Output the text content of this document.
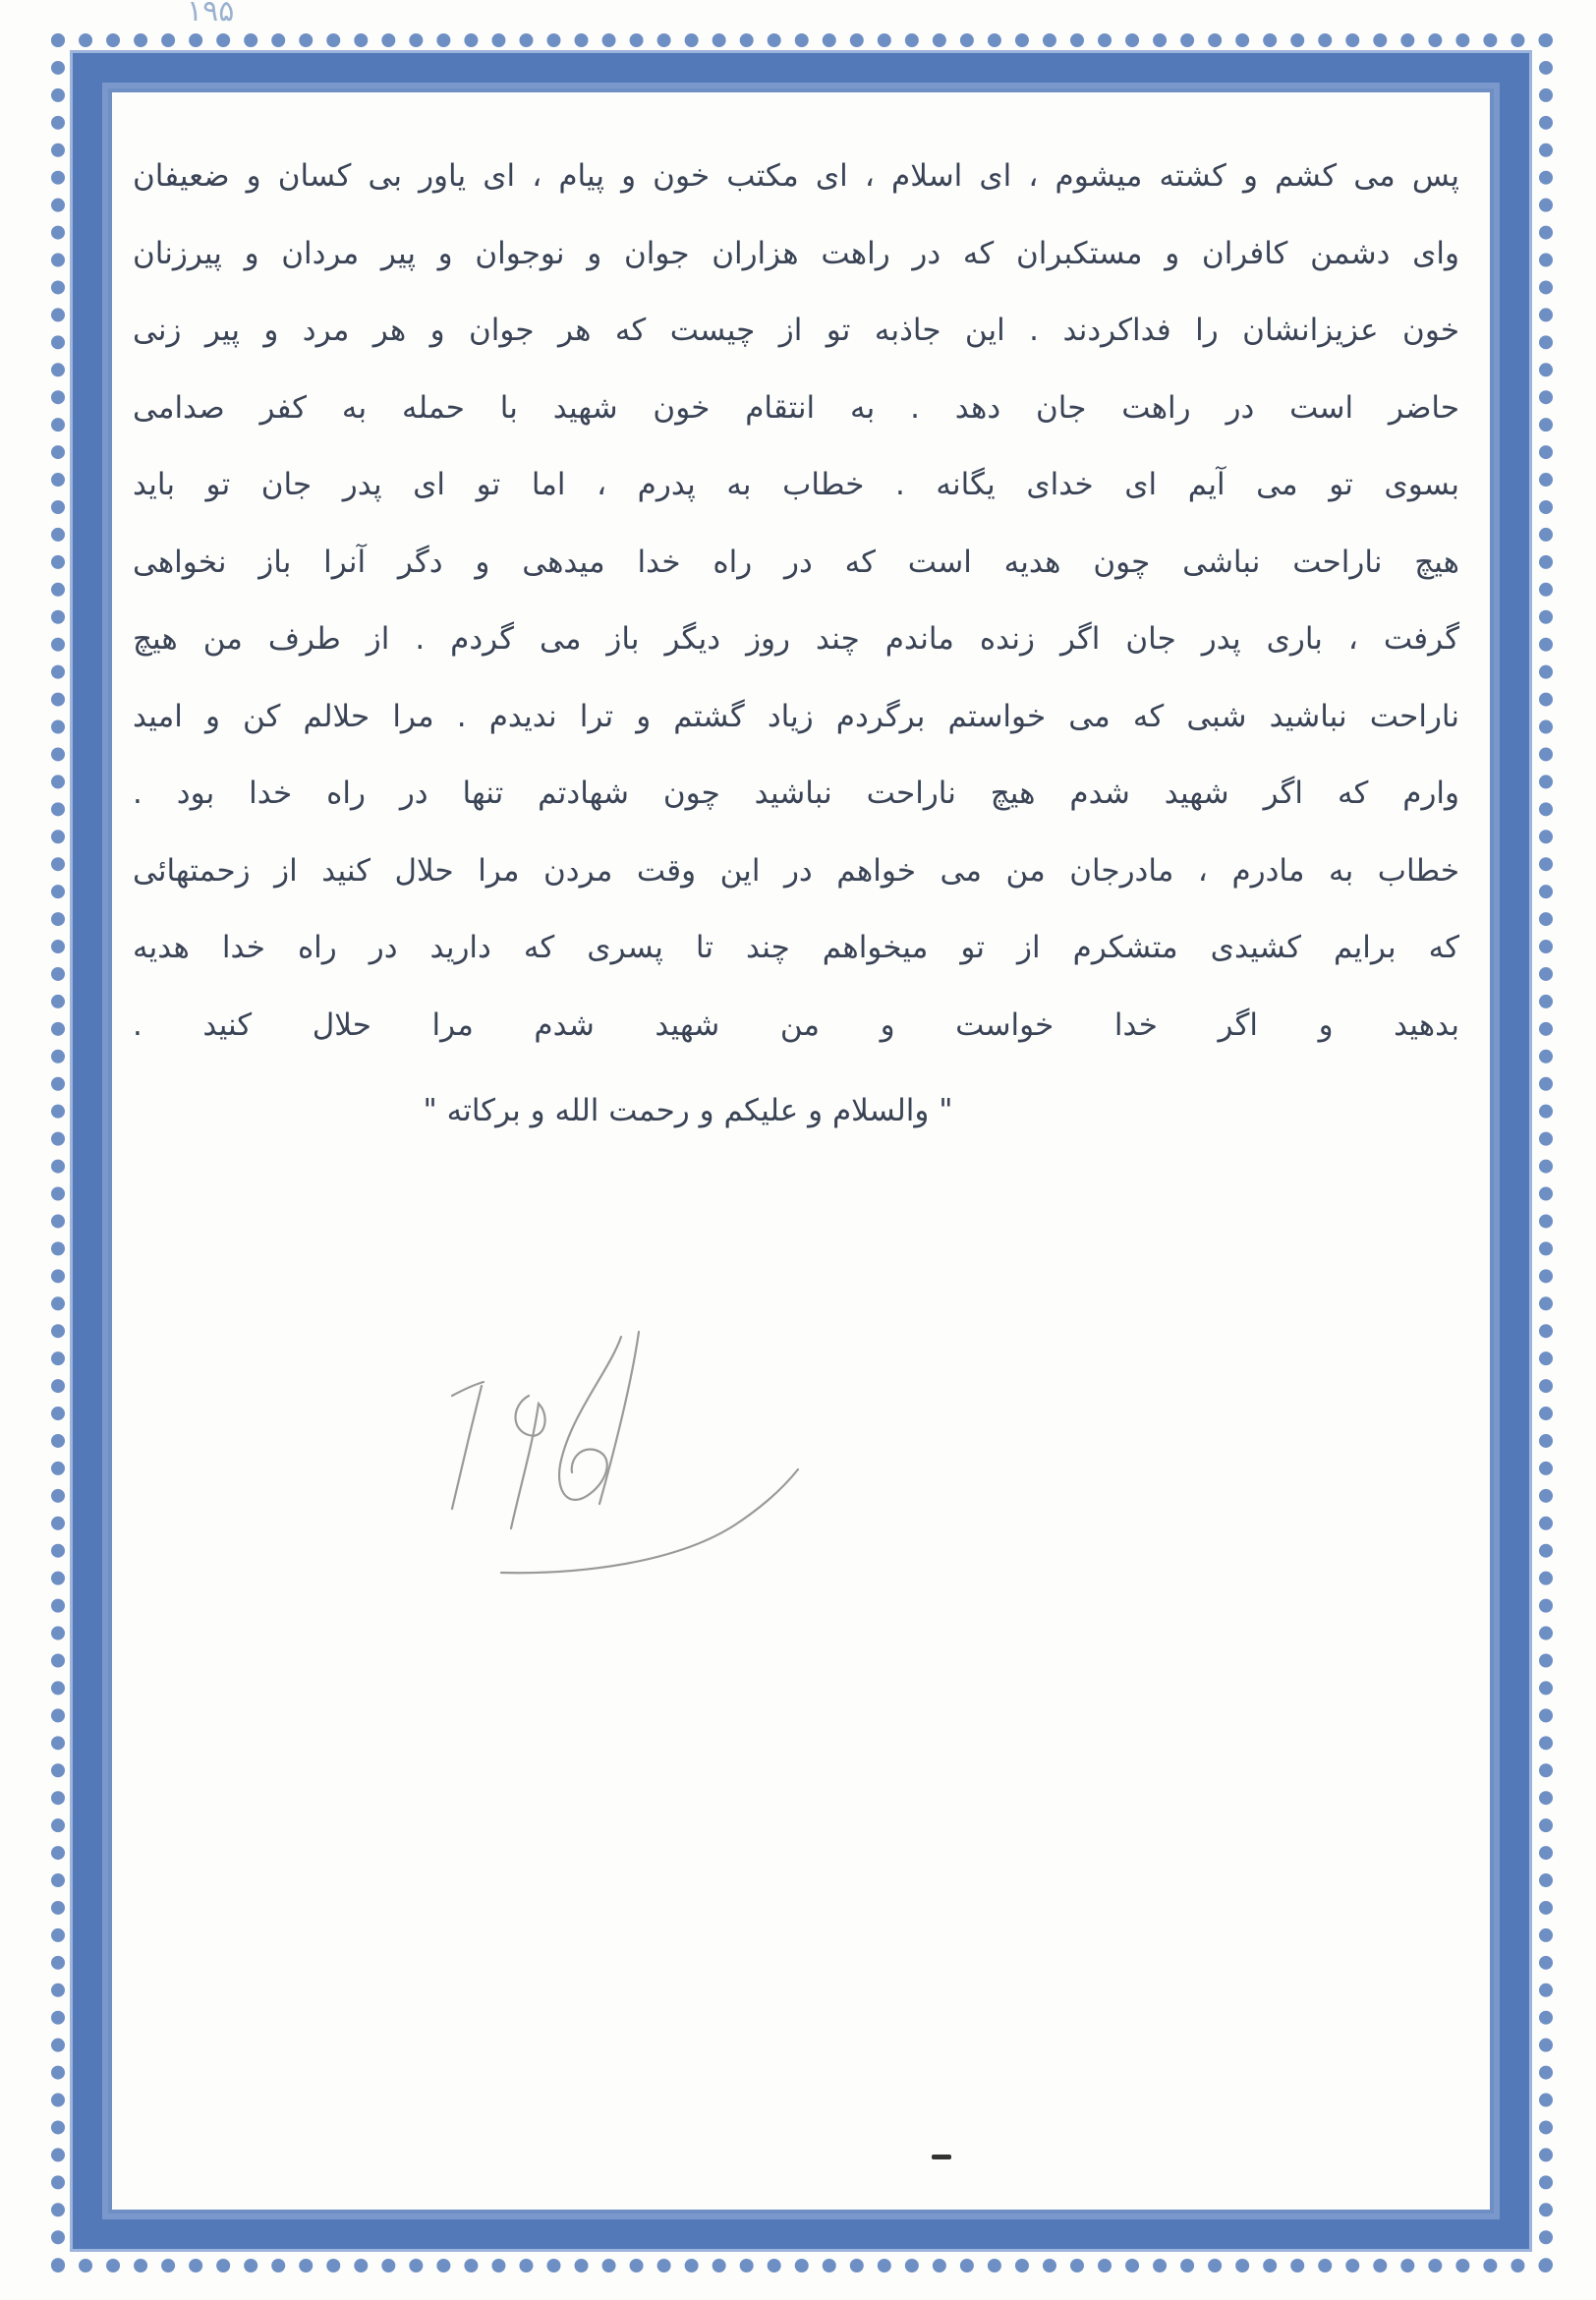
۱۹۵
پس می کشم و کشته میشوم ، ای اسلام ، ای مکتب خون و پیام ، ای یاور بی کسان و ضعیفان
وای دشمن کافران و مستکبران که در راهت هزاران جوان و نوجوان و پیر مردان و پیرزنان
خون عزیزانشان را فداکردند . این جاذبه تو از چیست که هر جوان و هر مرد و پیر زنی
حاضر است در راهت جان دهد . به انتقام خون شهید با حمله به کفر صدامی
بسوی تو می آیم ای خدای یگانه . خطاب به پدرم ، اما تو ای پدر جان تو باید
هیچ ناراحت نباشی چون هدیه است که در راه خدا میدهی و دگر آنرا باز نخواهی
گرفت ، باری پدر جان اگر زنده ماندم چند روز دیگر باز می گردم . از طرف من هیچ
ناراحت نباشید شبی که می خواستم برگردم زیاد گشتم و ترا ندیدم . مرا حلالم کن و امید
وارم که اگر شهید شدم هیچ ناراحت نباشید چون شهادتم تنها در راه خدا بود .
خطاب به مادرم ، مادرجان من می خواهم در این وقت مردن مرا حلال کنید از زحمتهائی
که برایم کشیدی متشکرم از تو میخواهم چند تا پسری که دارید در راه خدا هدیه
بدهید و اگر خدا خواست و من شهید شدم مرا حلال کنید .
" والسلام و علیکم و رحمت الله و برکاته "
